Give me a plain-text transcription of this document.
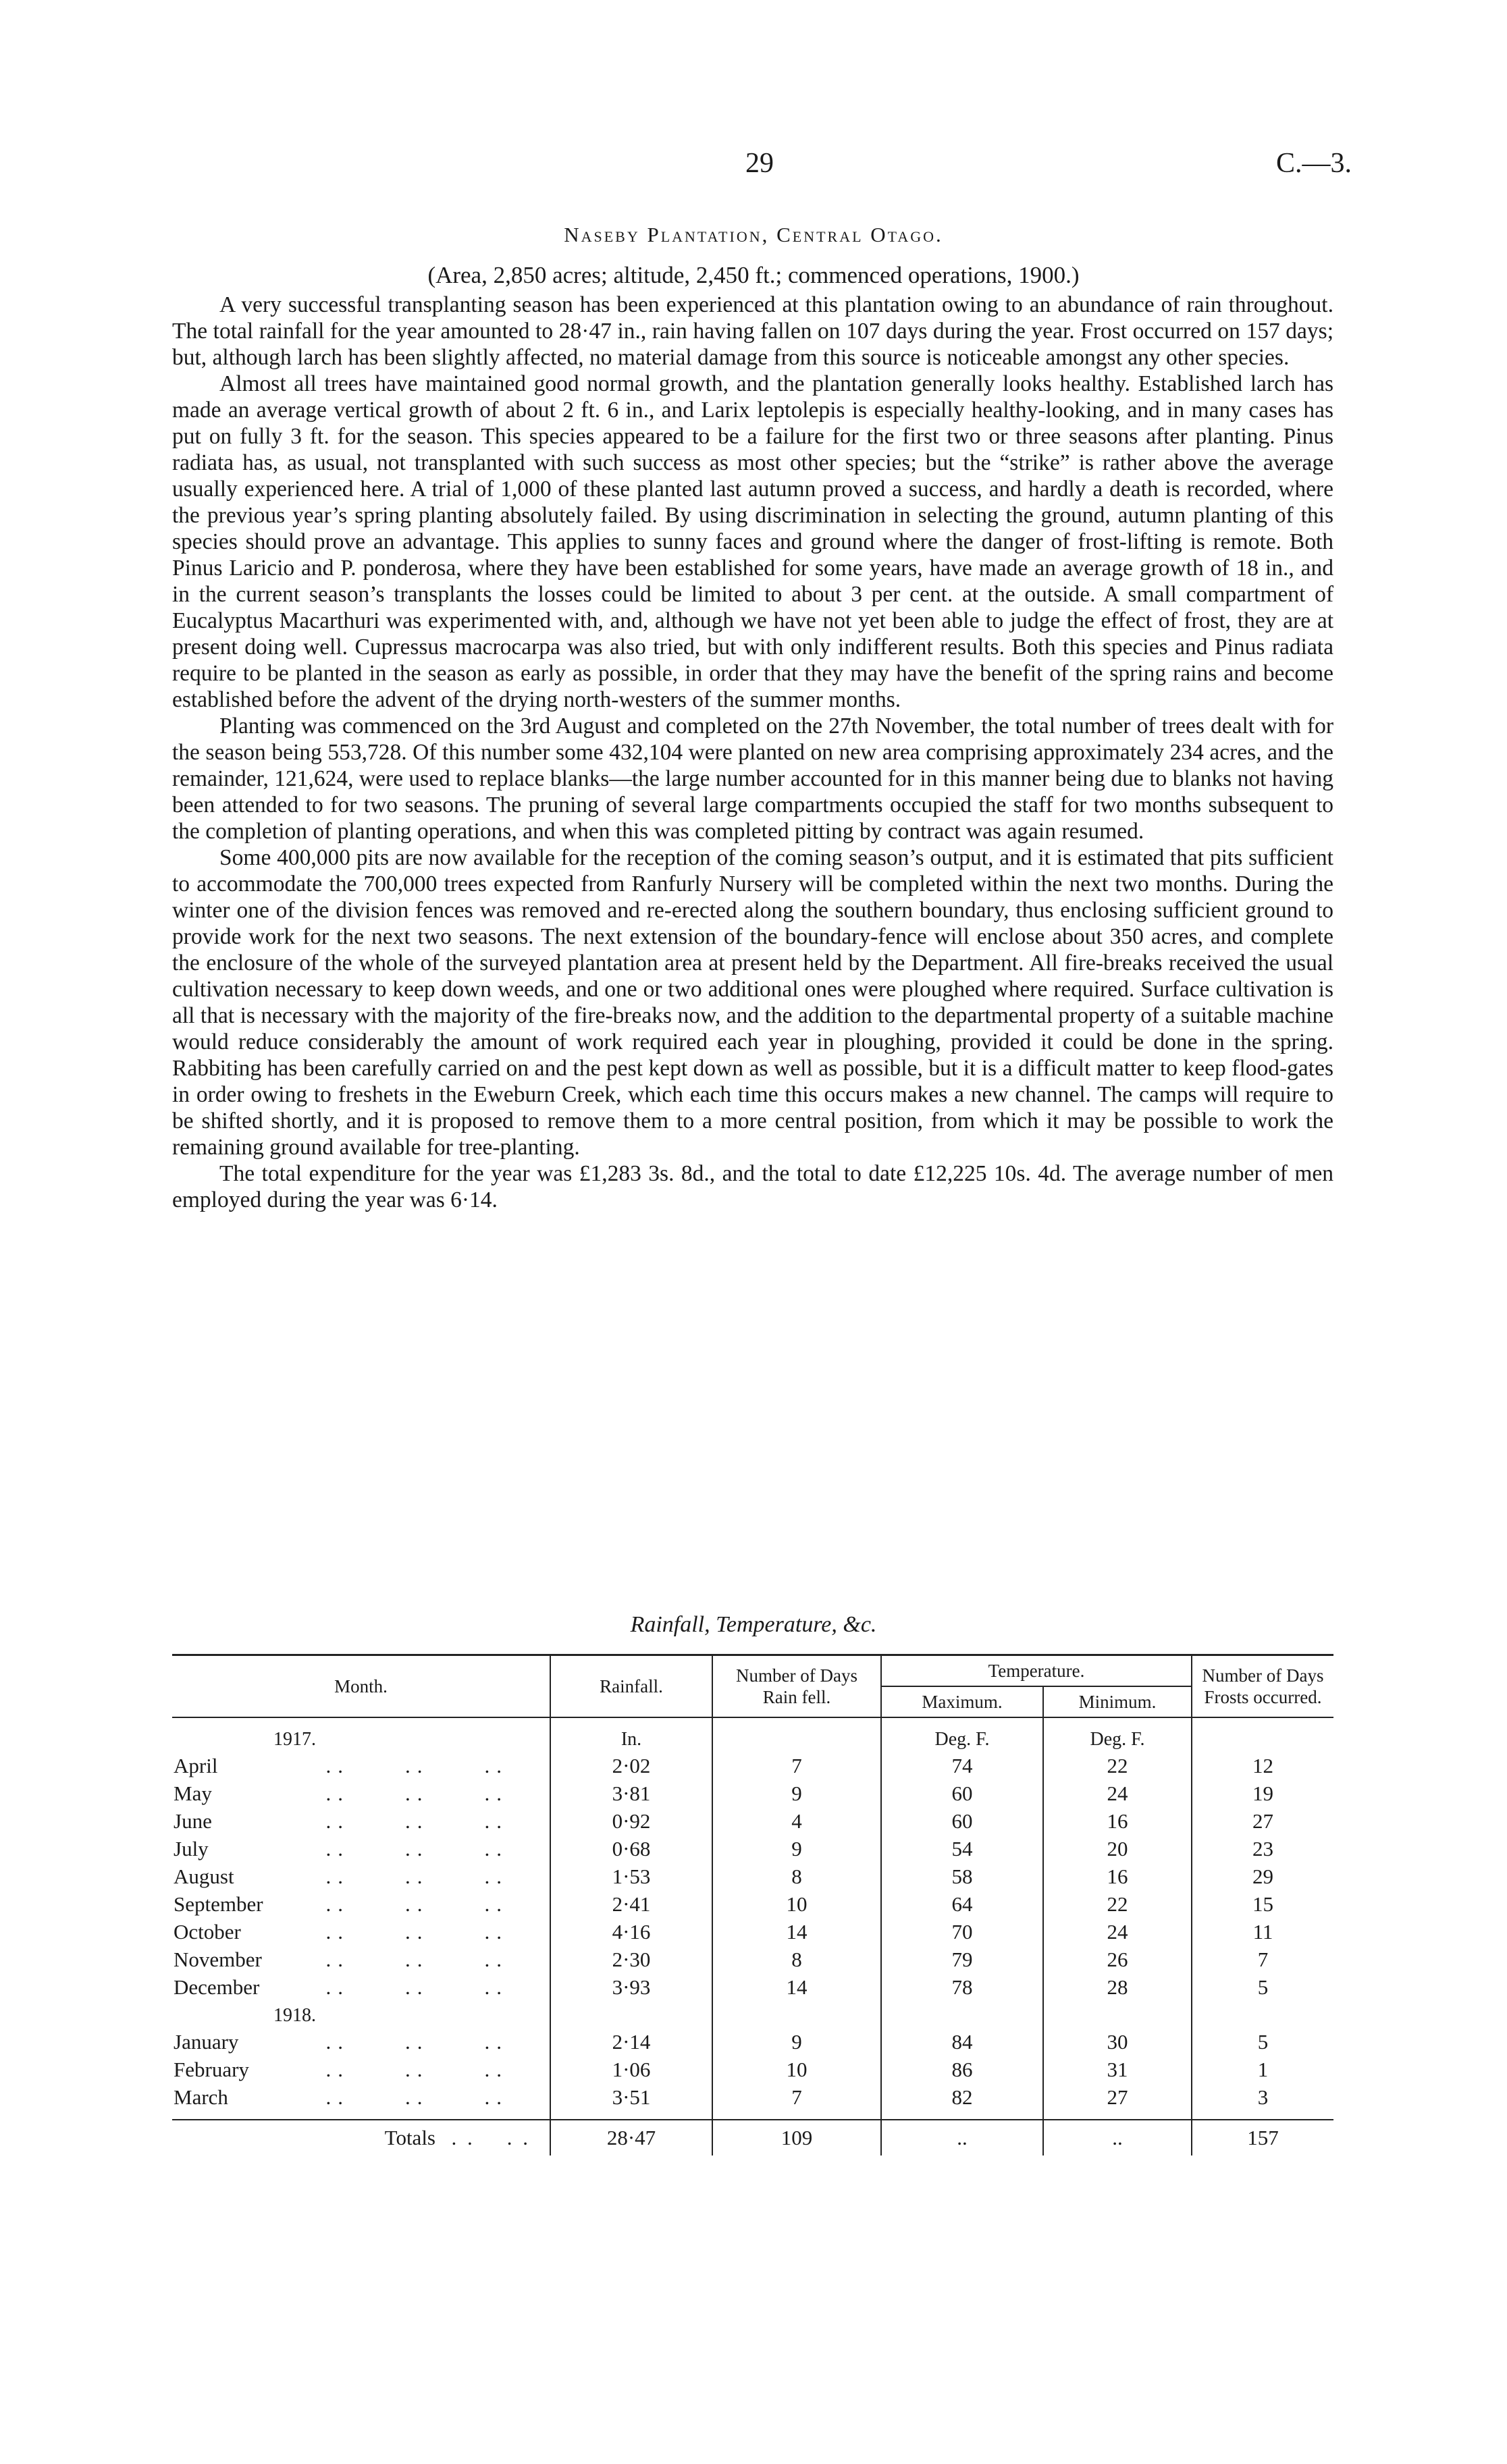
29	C.—3.
Naseby Plantation, Central Otago.
(Area, 2,850 acres; altitude, 2,450 ft.; commenced operations, 1900.)

A very successful transplanting season has been experienced at this plantation owing to an abundance of rain throughout. The total rainfall for the year amounted to 28·47 in., rain having fallen on 107 days during the year. Frost occurred on 157 days; but, although larch has been slightly affected, no material damage from this source is noticeable amongst any other species.

Almost all trees have maintained good normal growth, and the plantation generally looks healthy. Established larch has made an average vertical growth of about 2 ft. 6 in., and Larix leptolepis is especially healthy-looking, and in many cases has put on fully 3 ft. for the season. This species appeared to be a failure for the first two or three seasons after planting. Pinus radiata has, as usual, not transplanted with such success as most other species; but the “strike” is rather above the average usually experienced here. A trial of 1,000 of these planted last autumn proved a success, and hardly a death is recorded, where the previous year’s spring planting absolutely failed. By using discrimination in selecting the ground, autumn planting of this species should prove an advantage. This applies to sunny faces and ground where the danger of frost-lifting is remote. Both Pinus Laricio and P. ponderosa, where they have been established for some years, have made an average growth of 18 in., and in the current season’s transplants the losses could be limited to about 3 per cent. at the outside. A small compartment of Eucalyptus Macarthuri was experimented with, and, although we have not yet been able to judge the effect of frost, they are at present doing well. Cupressus macrocarpa was also tried, but with only indifferent results. Both this species and Pinus radiata require to be planted in the season as early as possible, in order that they may have the benefit of the spring rains and become established before the advent of the drying north-westers of the summer months.

Planting was commenced on the 3rd August and completed on the 27th November, the total number of trees dealt with for the season being 553,728. Of this number some 432,104 were planted on new area comprising approximately 234 acres, and the remainder, 121,624, were used to replace blanks—the large number accounted for in this manner being due to blanks not having been attended to for two seasons. The pruning of several large compartments occupied the staff for two months subsequent to the completion of planting operations, and when this was completed pitting by contract was again resumed.

Some 400,000 pits are now available for the reception of the coming season’s output, and it is estimated that pits sufficient to accommodate the 700,000 trees expected from Ranfurly Nursery will be completed within the next two months. During the winter one of the division fences was removed and re-erected along the southern boundary, thus enclosing sufficient ground to provide work for the next two seasons. The next extension of the boundary-fence will enclose about 350 acres, and complete the enclosure of the whole of the surveyed plantation area at present held by the Department. All fire-breaks received the usual cultivation necessary to keep down weeds, and one or two additional ones were ploughed where required. Surface cultivation is all that is necessary with the majority of the fire-breaks now, and the addition to the departmental property of a suitable machine would reduce considerably the amount of work required each year in ploughing, provided it could be done in the spring. Rabbiting has been carefully carried on and the pest kept down as well as possible, but it is a difficult matter to keep flood-gates in order owing to freshets in the Eweburn Creek, which each time this occurs makes a new channel. The camps will require to be shifted shortly, and it is proposed to remove them to a more central position, from which it may be possible to work the remaining ground available for tree-planting.

The total expenditure for the year was £1,283 3s. 8d., and the total to date £12,225 10s. 4d. The average number of men employed during the year was 6·14.

Rainfall, Temperature, &c.
Month.	Rainfall.	Number of Days Rain fell.	Temperature.		Number of Days Frosts occurred.
			Maximum.	Minimum.	
1917.	In.		Deg. F.	Deg. F.	
April  ..  ..  ..	2·02	7	74	22	12
May  ..  ..  ..	3·81	9	60	24	19
June  ..  ..  ..	0·92	4	60	16	27
July  ..  ..  ..	0·68	9	54	20	23
August  ..  ..  ..	1·53	8	58	16	29
September ..  ..  ..	2·41	10	64	22	15
October  ..  ..  ..	4·16	14	70	24	11
November ..  ..  ..	2·30	8	79	26	7
December ..  ..  ..	3·93	14	78	28	5
1918.					
January  ..  ..  ..	2·14	9	84	30	5
February  ..  ..  ..	1·06	10	86	31	1
March  ..  ..  ..	3·51	7	82	27	3

Totals  . .    . .	28·47	109	..	..	157
